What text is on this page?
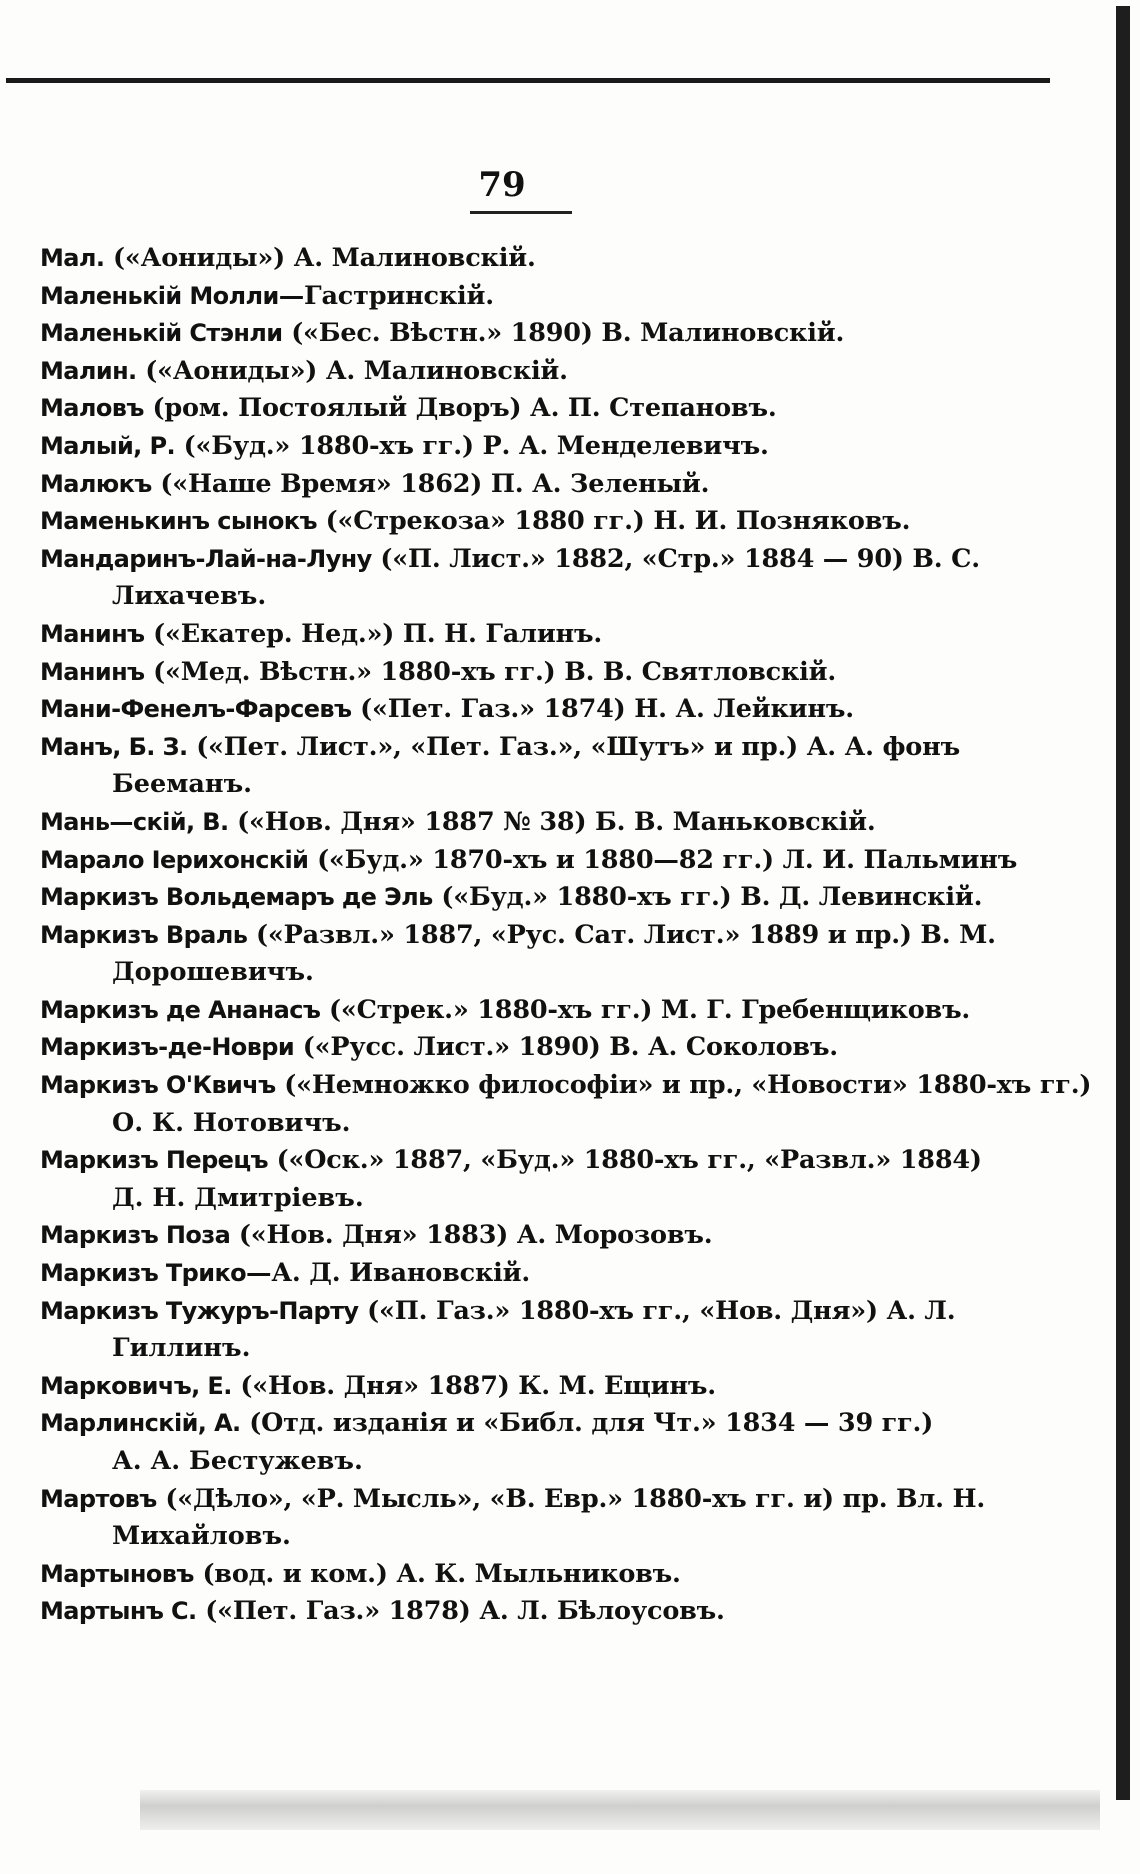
79
Мал. («Аониды») А. Малиновскій.
Маленькій Молли—Гастринскій.
Маленькій Стэнли («Бес. Вѣстн.» 1890) В. Малиновскій.
Малин. («Аониды») А. Малиновскій.
Маловъ (ром. Постоялый Дворъ) А. П. Степановъ.
Малый, Р. («Буд.» 1880-хъ гг.) Р. А. Менделевичъ.
Малюкъ («Наше Время» 1862) П. А. Зеленый.
Маменькинъ сынокъ («Стрекоза» 1880 гг.) Н. И. Позняковъ.
Мандаринъ-Лай-на-Луну («П. Лист.» 1882, «Стр.» 1884 — 90) В. С.
Лихачевъ.
Манинъ («Екатер. Нед.») П. Н. Галинъ.
Манинъ («Мед. Вѣстн.» 1880-хъ гг.) В. В. Святловскій.
Мани-Фенелъ-Фарсевъ («Пет. Газ.» 1874) Н. А. Лейкинъ.
Манъ, Б. З. («Пет. Лист.», «Пет. Газ.», «Шутъ» и пр.) А. А. фонъ
Бееманъ.
Мань—скій, В. («Нов. Дня» 1887 № 38) Б. В. Маньковскій.
Марало Іерихонскій («Буд.» 1870-хъ и 1880—82 гг.) Л. И. Пальминъ
Маркизъ Вольдемаръ де Эль («Буд.» 1880-хъ гг.) В. Д. Левинскій.
Маркизъ Враль («Развл.» 1887, «Рус. Сат. Лист.» 1889 и пр.) В. М.
Дорошевичъ.
Маркизъ де Ананасъ («Стрек.» 1880-хъ гг.) М. Г. Гребенщиковъ.
Маркизъ-де-Новри («Русс. Лист.» 1890) В. А. Соколовъ.
Маркизъ О'Квичъ («Немножко философіи» и пр., «Новости» 1880-хъ гг.)
О. К. Нотовичъ.
Маркизъ Перецъ («Оск.» 1887, «Буд.» 1880-хъ гг., «Развл.» 1884)
Д. Н. Дмитріевъ.
Маркизъ Поза («Нов. Дня» 1883) А. Морозовъ.
Маркизъ Трико—А. Д. Ивановскій.
Маркизъ Тужуръ-Парту («П. Газ.» 1880-хъ гг., «Нов. Дня») А. Л.
Гиллинъ.
Марковичъ, Е. («Нов. Дня» 1887) К. М. Ещинъ.
Марлинскій, А. (Отд. изданія и «Библ. для Чт.» 1834 — 39 гг.)
А. А. Бестужевъ.
Мартовъ («Дѣло», «Р. Мысль», «В. Евр.» 1880-хъ гг. и) пр. Вл. Н.
Михайловъ.
Мартыновъ (вод. и ком.) А. К. Мыльниковъ.
Мартынъ С. («Пет. Газ.» 1878) А. Л. Бѣлоусовъ.
